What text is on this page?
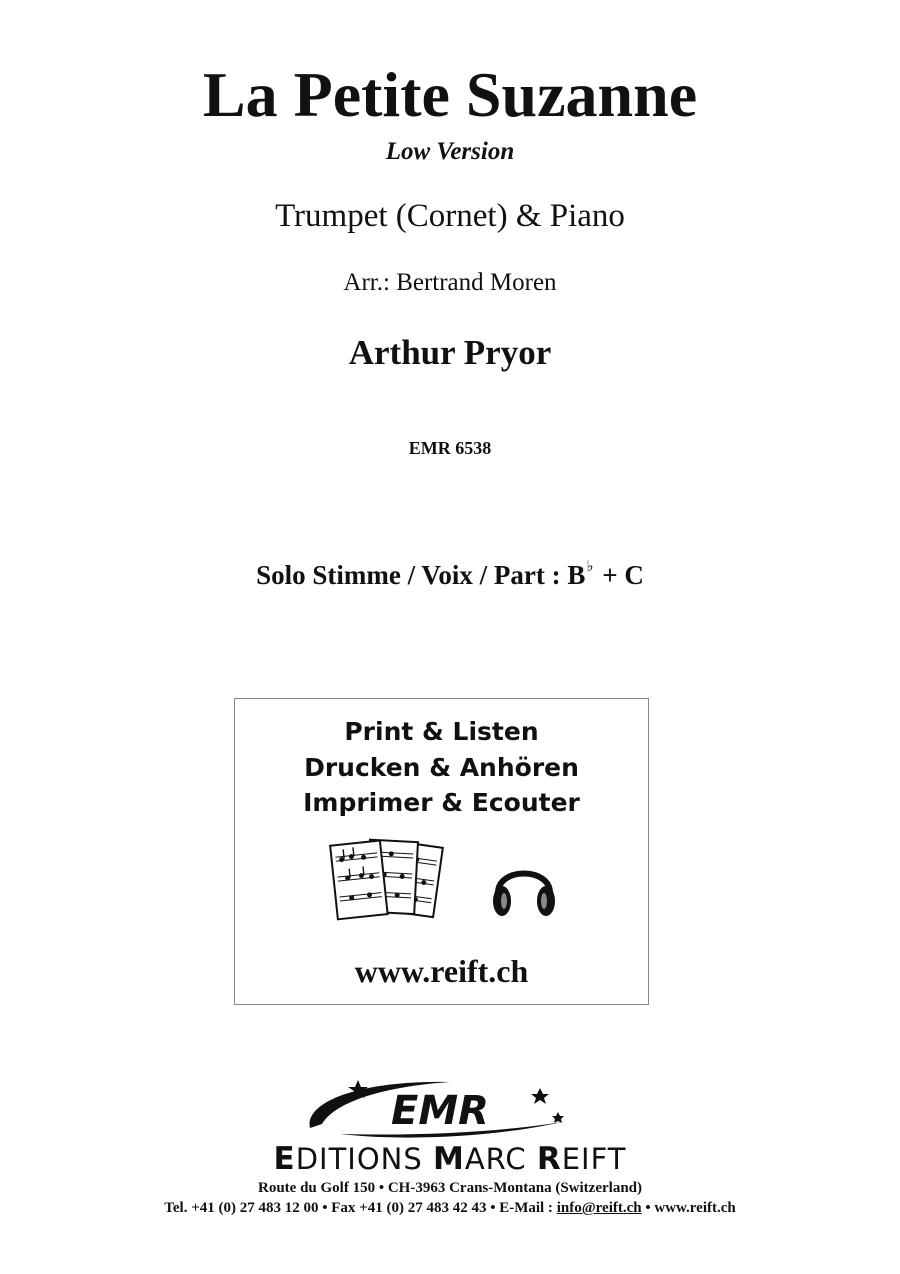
La Petite Suzanne
Low Version
Trumpet (Cornet) & Piano
Arr.: Bertrand Moren
Arthur Pryor
EMR 6538
Solo Stimme / Voix / Part : B♭ + C
Print & Listen
Drucken & Anhören
Imprimer & Ecouter
www.reift.ch
EMR
EDITIONS MARC REIFT
Route du Golf 150 • CH-3963 Crans-Montana (Switzerland)
Tel. +41 (0) 27 483 12 00 • Fax +41 (0) 27 483 42 43 • E-Mail : info@reift.ch • www.reift.ch
